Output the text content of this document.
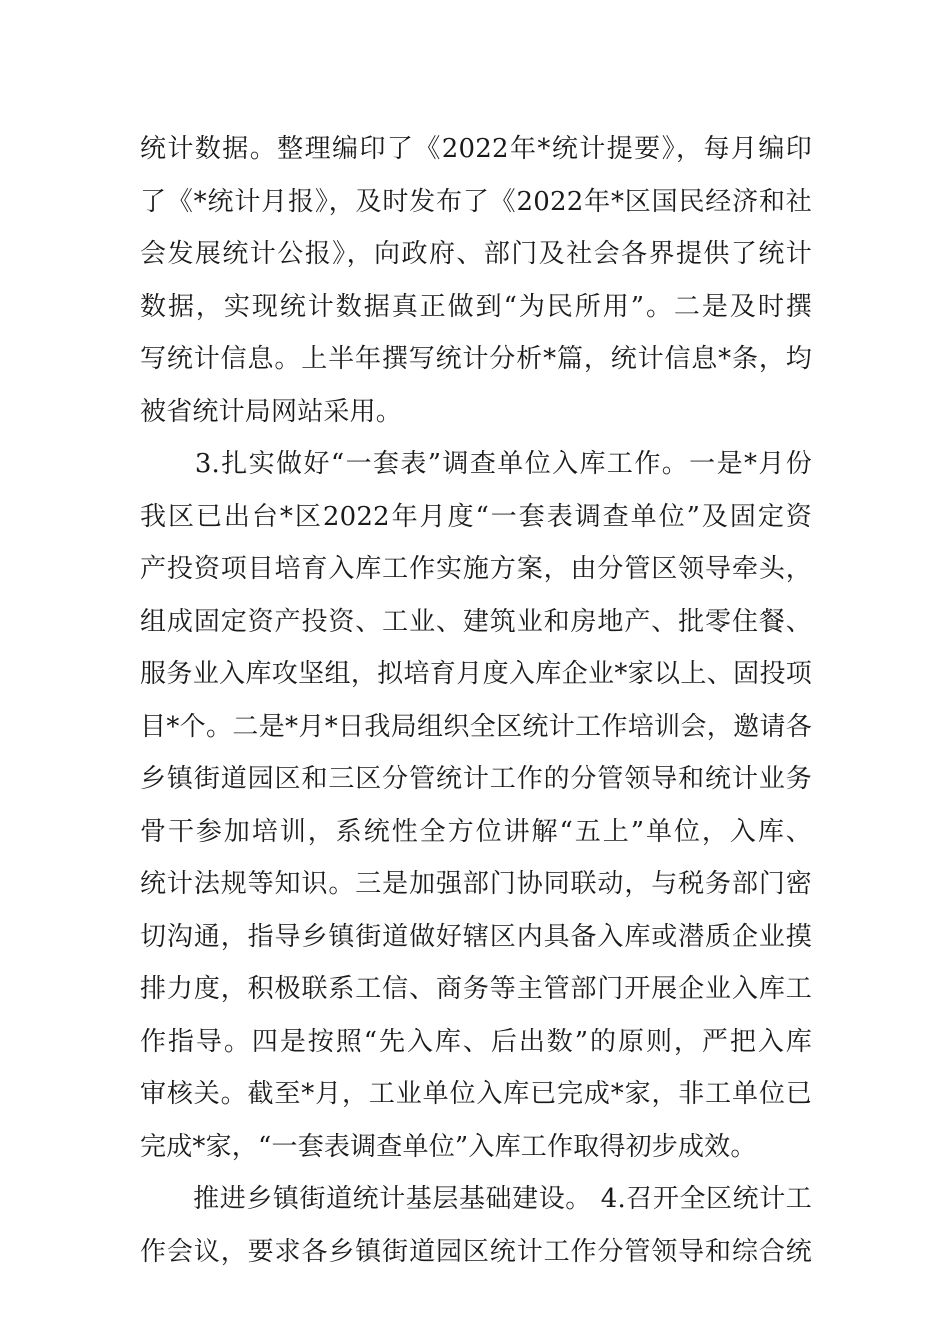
统计数据。整理编印了《2022年*统计提要》，每月编印
了《*统计月报》，及时发布了《2022年*区国民经济和社
会发展统计公报》，向政府、部门及社会各界提供了统计
数据，实现统计数据真正做到“为民所用”。二是及时撰
写统计信息。上半年撰写统计分析*篇，统计信息*条，均
被省统计局网站采用。
　　3.扎实做好“一套表”调查单位入库工作。一是*月份
我区已出台*区2022年月度“一套表调查单位”及固定资
产投资项目培育入库工作实施方案，由分管区领导牵头，
组成固定资产投资、工业、建筑业和房地产、批零住餐、
服务业入库攻坚组，拟培育月度入库企业*家以上、固投项
目*个。二是*月*日我局组织全区统计工作培训会，邀请各
乡镇街道园区和三区分管统计工作的分管领导和统计业务
骨干参加培训，系统性全方位讲解“五上”单位，入库、
统计法规等知识。三是加强部门协同联动，与税务部门密
切沟通，指导乡镇街道做好辖区内具备入库或潜质企业摸
排力度，积极联系工信、商务等主管部门开展企业入库工
作指导。四是按照“先入库、后出数”的原则，严把入库
审核关。截至*月，工业单位入库已完成*家，非工单位已
完成*家，“一套表调查单位”入库工作取得初步成效。
　　推进乡镇街道统计基层基础建设。 4.召开全区统计工
作会议，要求各乡镇街道园区统计工作分管领导和综合统
